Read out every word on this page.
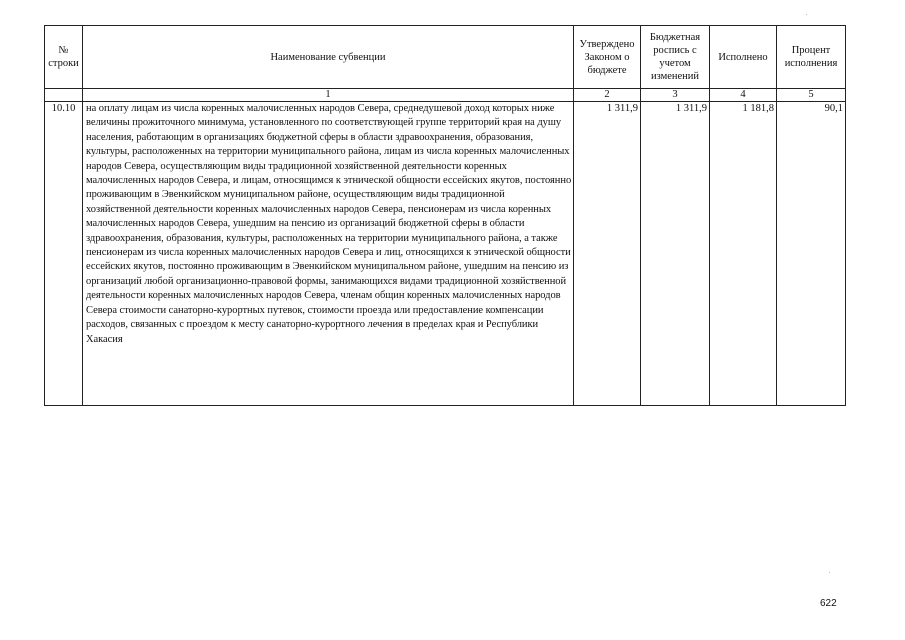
№ строки	Наименование субвенции	Утверждено Законом о бюджете	Бюджетная роспись с учетом изменений	Исполнено	Процент исполнения
	1	2	3	4	5
10.10	на оплату лицам из числа коренных малочисленных народов Севера, среднедушевой доход которых ниже величины прожиточного минимума, установленного по соответствующей группе территорий края на душу населения, работающим в организациях бюджетной сферы в области здравоохранения, образования, культуры, расположенных на территории муниципального района, лицам из числа коренных малочисленных народов Севера, осуществляющим виды традиционной хозяйственной деятельности коренных малочисленных народов Севера, и лицам, относящимся к этнической общности ессейских якутов, постоянно проживающим в Эвенкийском муниципальном районе, осуществляющим виды традиционной хозяйственной деятельности коренных малочисленных народов Севера, пенсионерам из числа коренных малочисленных народов Севера, ушедшим на пенсию из организаций бюджетной сферы в области здравоохранения, образования, культуры, расположенных на территории муниципального района, а также пенсионерам из числа коренных малочисленных народов Севера и лиц, относящихся к этнической общности ессейских якутов, постоянно проживающим в Эвенкийском муниципальном районе, ушедшим на пенсию из организаций любой организационно-правовой формы, занимающихся видами традиционной хозяйственной деятельности коренных малочисленных народов Севера, членам общин коренных малочисленных народов Севера стоимости санаторно-курортных путевок, стоимости проезда или предоставление компенсации расходов, связанных с проездом к месту санаторно-курортного лечения в пределах края и Республики Хакасия	1 311,9	1 311,9	1 181,8	90,1
622
